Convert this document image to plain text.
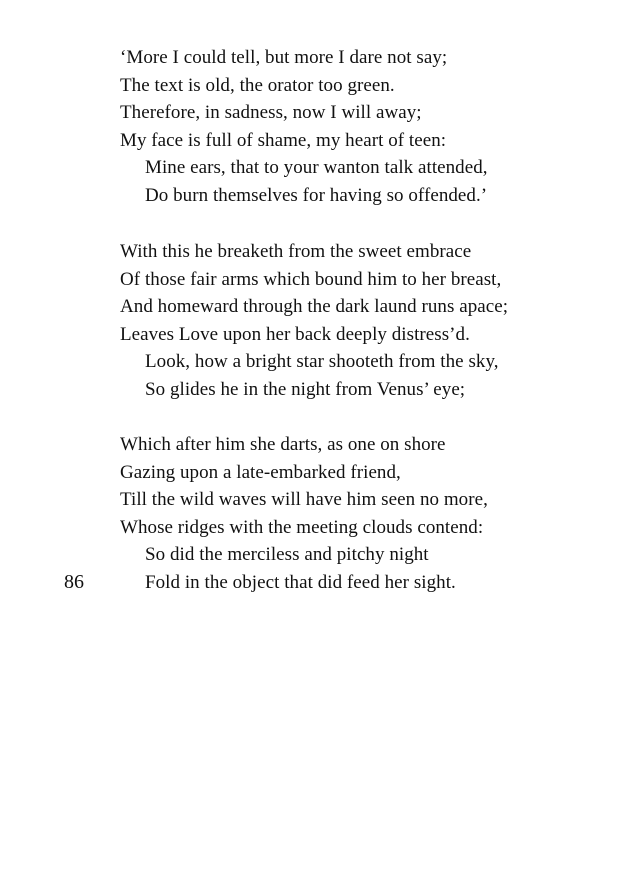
‘More I could tell, but more I dare not say;
The text is old, the orator too green.
Therefore, in sadness, now I will away;
My face is full of shame, my heart of teen:
Mine ears, that to your wanton talk attended,
Do burn themselves for having so offended.’
With this he breaketh from the sweet embrace
Of those fair arms which bound him to her breast,
And homeward through the dark laund runs apace;
Leaves Love upon her back deeply distress’d.
Look, how a bright star shooteth from the sky,
So glides he in the night from Venus’ eye;
Which after him she darts, as one on shore
Gazing upon a late-embarked friend,
Till the wild waves will have him seen no more,
Whose ridges with the meeting clouds contend:
So did the merciless and pitchy night
Fold in the object that did feed her sight.
86
